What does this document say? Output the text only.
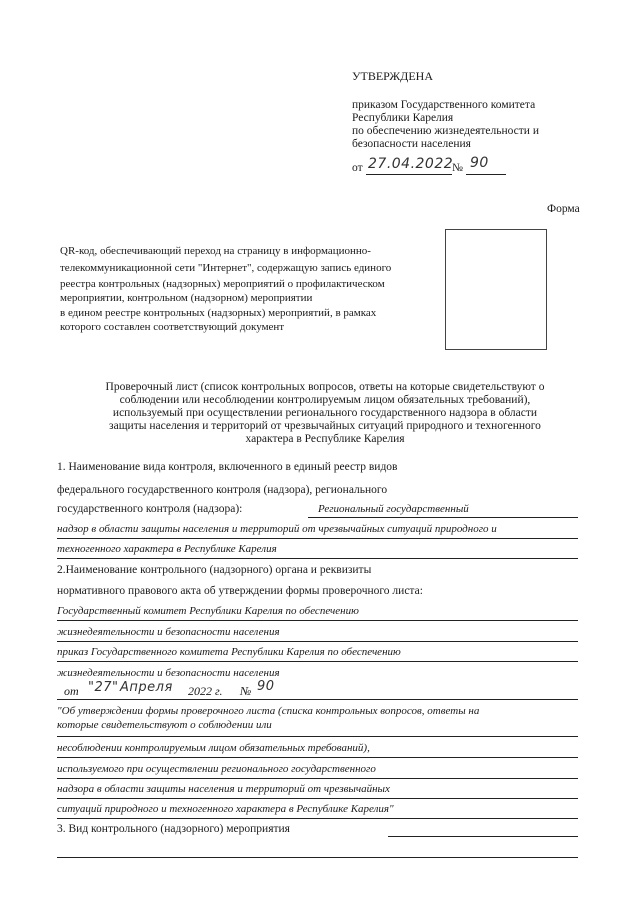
УТВЕРЖДЕНА
приказом Государственного комитета
Республики Карелия
по обеспечению жизнедеятельности и
безопасности населения
от 27.04.2022
№ 90
Форма
QR-код, обеспечивающий переход на страницу в информационно-
телекоммуникационной сети "Интернет", содержащую запись единого
реестра контрольных (надзорных) мероприятий о профилактическом
мероприятии, контрольном (надзорном) мероприятии
в едином реестре контрольных (надзорных) мероприятий, в рамках
которого составлен соответствующий документ
Проверочный лист (список контрольных вопросов, ответы на которые свидетельствуют о
соблюдении или несоблюдении контролируемым лицом обязательных требований),
используемый при осуществлении регионального государственного надзора в области
защиты населения и территорий от чрезвычайных ситуаций природного и техногенного
характера в Республике Карелия
1. Наименование вида контроля, включенного в единый реестр видов
федерального государственного контроля (надзора), регионального
государственного контроля (надзора):	Региональный государственный
надзор в области защиты населения и территорий от чрезвычайных ситуаций природного и
техногенного характера в Республике Карелия
2.Наименование контрольного (надзорного) органа и реквизиты
нормативного правового акта об утверждении формы проверочного листа:
Государственный комитет Республики Карелия по обеспечению
жизнедеятельности и безопасности населения
приказ Государственного комитета Республики Карелия по обеспечению
жизнедеятельности и безопасности населения
от "27" Апреля 2022 г. № 90
"Об утверждении формы проверочного листа (списка контрольных вопросов, ответы на
которые свидетельствуют о соблюдении или
несоблюдении контролируемым лицом обязательных требований),
используемого при осуществлении регионального государственного
надзора в области защиты населения и территорий от чрезвычайных
ситуаций природного и техногенного характера в Республике Карелия"
3. Вид контрольного (надзорного) мероприятия
